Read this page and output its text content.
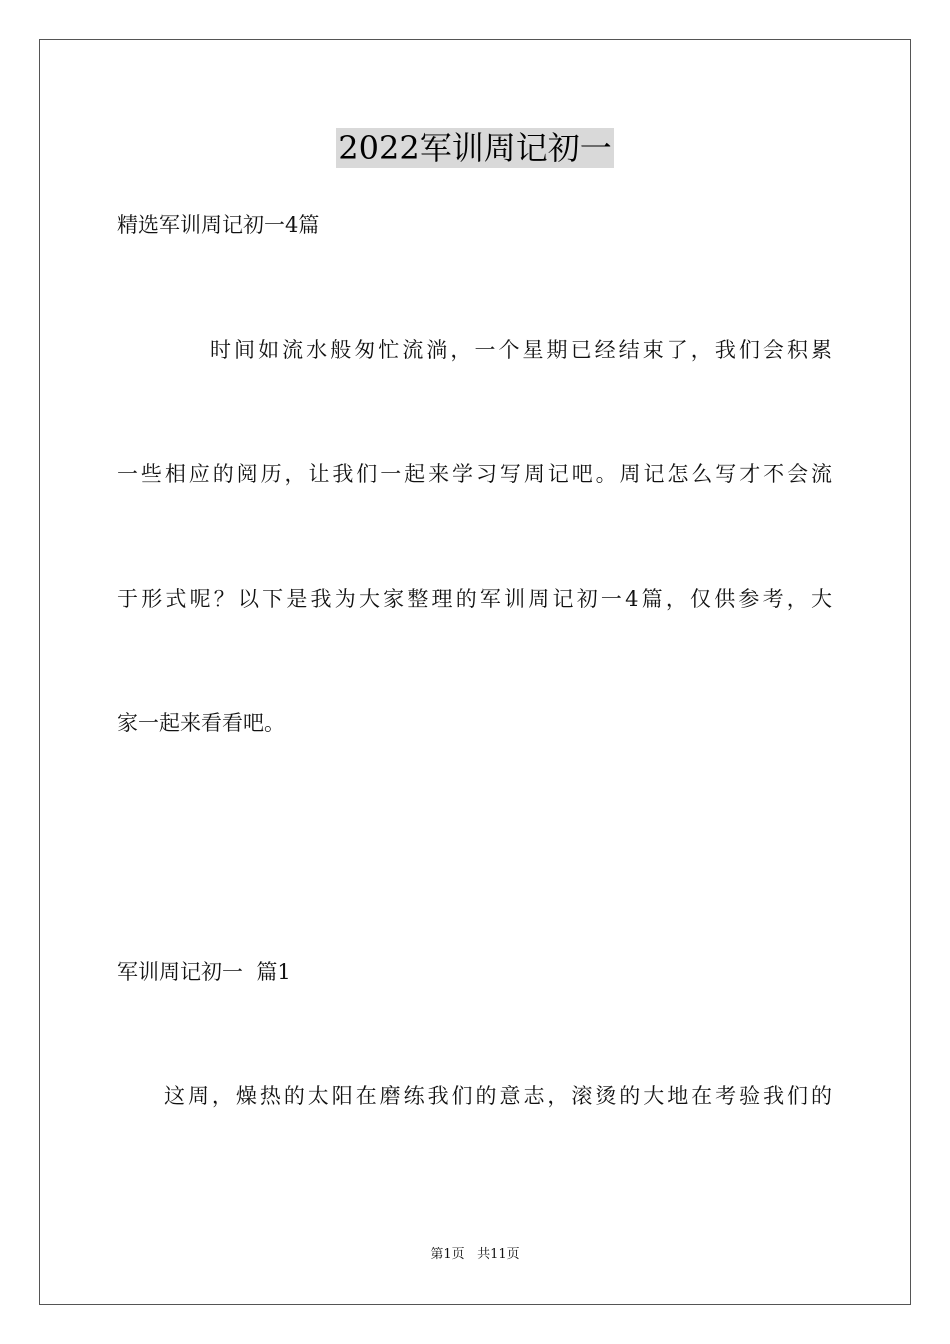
2022军训周记初一
精选军训周记初一4篇
时间如流水般匆忙流淌，一个星期已经结束了，我们会积累
一些相应的阅历，让我们一起来学习写周记吧。周记怎么写才不会流
于形式呢？以下是我为大家整理的军训周记初一4篇，仅供参考，大
家一起来看看吧。
军训周记初一  篇1
这周，燥热的太阳在磨练我们的意志，滚烫的大地在考验我们的
第1页 共11页
